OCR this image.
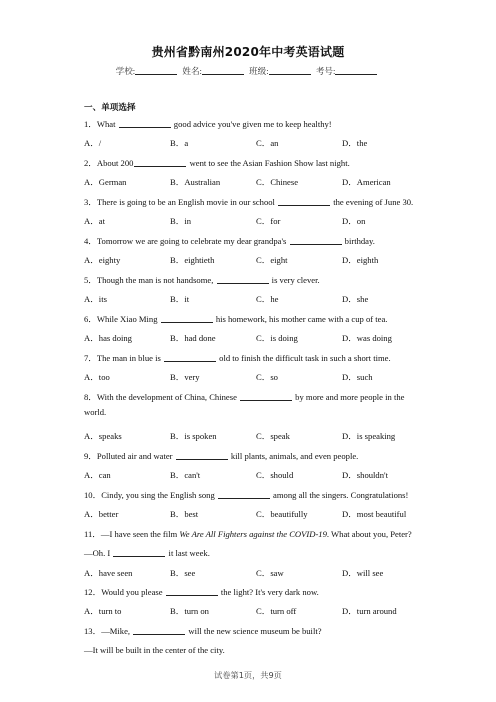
贵州省黔南州2020年中考英语试题
学校:	姓名:	班级:	考号:
一、单项选择
1．What	good advice you've given me to keep healthy!
A．/	B．a	C．an	D．the
2．About 200	went to see the Asian Fashion Show last night.
A．German	B．Australian	C．Chinese	D．American
3．There is going to be an English movie in our school	the evening of June 30.
A．at	B．in	C．for	D．on
4．Tomorrow we are going to celebrate my dear grandpa's	birthday.
A．eighty	B．eightieth	C．eight	D．eighth
5．Though the man is not handsome,	is very clever.
A．its	B．it	C．he	D．she
6．While Xiao Ming	his homework, his mother came with a cup of tea.
A．has doing	B．had done	C．is doing	D．was doing
7．The man in blue is	old to finish the difficult task in such a short time.
A．too	B．very	C．so	D．such
8．With the development of China, Chinese	by more and more people in the world.
A．speaks	B．is spoken	C．speak	D．is speaking
9．Polluted air and water	kill plants, animals, and even people.
A．can	B．can't	C．should	D．shouldn't
10．Cindy, you sing the English song	among all the singers. Congratulations!
A．better	B．best	C．beautifully	D．most beautiful
11．—I have seen the film We Are All Fighters against the COVID-19. What about you, Peter?
—Oh. I	it last week.
A．have seen	B．see	C．saw	D．will see
12．Would you please	the light? It's very dark now.
A．turn to	B．turn on	C．turn off	D．turn around
13．—Mike,	will the new science museum be built?
—It will be built in the center of the city.
试卷第1页，共9页
